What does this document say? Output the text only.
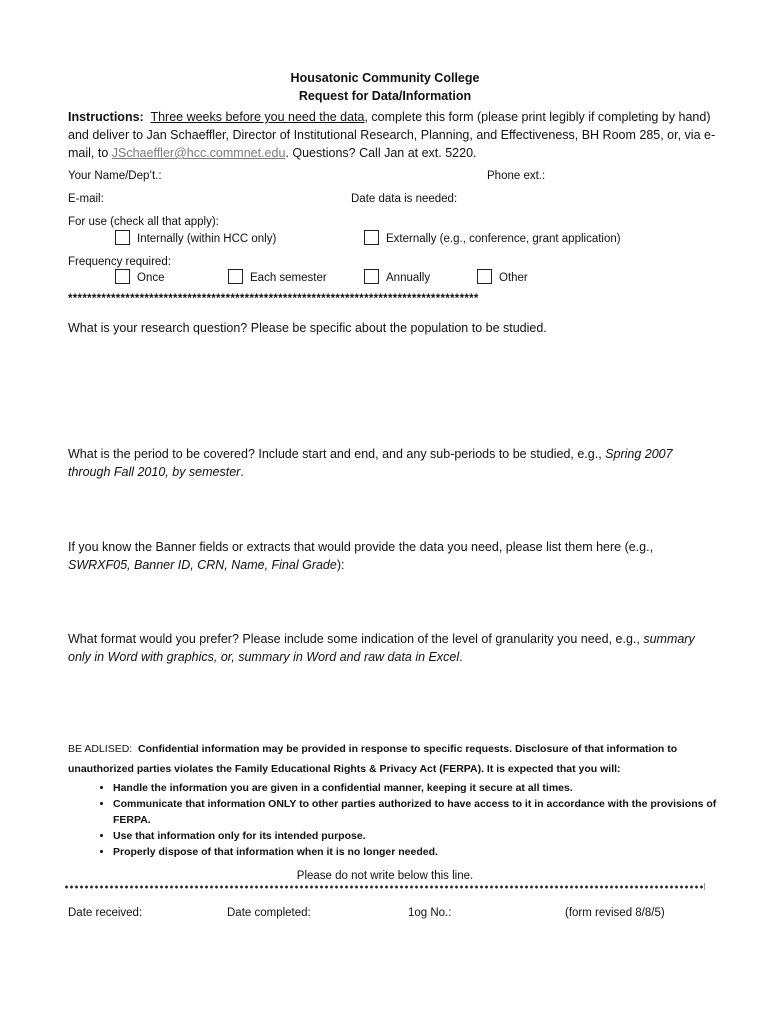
Housatonic Community College
Request for Data/Information
Instructions: Three weeks before you need the data, complete this form (please print legibly if completing by hand) and deliver to Jan Schaeffler, Director of Institutional Research, Planning, and Effectiveness, BH Room 285, or, via e-mail, to JSchaeffler@hcc.commnet.edu. Questions? Call Jan at ext. 5220.
Your Name/Dep’t.:	Phone ext.:
E-mail:	Date data is needed:
For use (check all that apply):
Internally (within HCC only)	Externally (e.g., conference, grant application)
Frequency required:
Once	Each semester	Annually	Other
**************************************************************************************
What is your research question? Please be specific about the population to be studied.
What is the period to be covered? Include start and end, and any sub-periods to be studied, e.g., Spring 2007 through Fall 2010, by semester.
If you know the Banner fields or extracts that would provide the data you need, please list them here (e.g., SWRXF05, Banner ID, CRN, Name, Final Grade):
What format would you prefer? Please include some indication of the level of granularity you need, e.g., summary only in Word with graphics, or, summary in Word and raw data in Excel.
BE ADLISED: Confidential information may be provided in response to specific requests. Disclosure of that information to unauthorized parties violates the Family Educational Rights & Privacy Act (FERPA). It is expected that you will:
• Handle the information you are given in a confidential manner, keeping it secure at all times.
• Communicate that information ONLY to other parties authorized to have access to it in accordance with the provisions of FERPA.
• Use that information only for its intended purpose.
• Properly dispose of that information when it is no longer needed.
Please do not write below this line.
Date received:	Date completed:	1og No.:	(form revised 8/8/5)
